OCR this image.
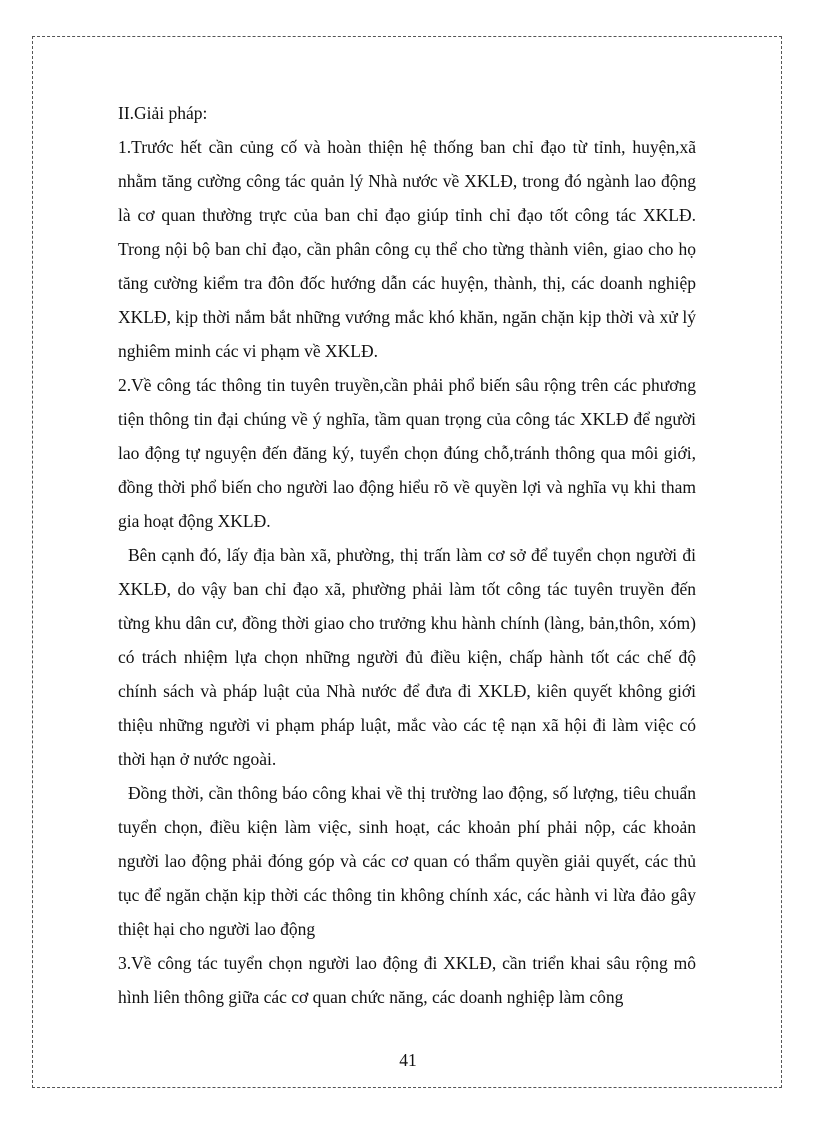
II.Giải pháp:

1.Trước hết cần củng cố và hoàn thiện hệ thống ban chỉ đạo từ tỉnh, huyện,xã nhằm tăng cường công tác quản lý Nhà nước về XKLĐ, trong đó ngành lao động là cơ quan thường trực của ban chỉ đạo giúp tỉnh chỉ đạo tốt công tác XKLĐ. Trong nội bộ ban chỉ đạo, cần phân công cụ thể cho từng thành viên, giao cho họ tăng cường kiểm tra đôn đốc hướng dẫn các huyện, thành, thị, các doanh nghiệp XKLĐ, kịp thời nắm bắt những vướng mắc khó khăn, ngăn chặn kịp thời và xử lý nghiêm minh các vi phạm về XKLĐ.

2.Về công tác thông tin tuyên truyền,cần phải phổ biến sâu rộng trên các phương tiện thông tin đại chúng về ý nghĩa, tầm quan trọng của công tác XKLĐ để người lao động tự nguyện đến đăng ký, tuyển chọn đúng chỗ,tránh thông qua môi giới, đồng thời phổ biến cho người lao động hiểu rõ về quyền lợi và nghĩa vụ khi tham gia hoạt động XKLĐ.

Bên cạnh đó, lấy địa bàn xã, phường, thị trấn làm cơ sở để tuyển chọn người đi XKLĐ, do vậy ban chỉ đạo xã, phường phải làm tốt công tác tuyên truyền đến từng khu dân cư, đồng thời giao cho trưởng khu hành chính (làng, bản,thôn, xóm) có trách nhiệm lựa chọn những người đủ điều kiện, chấp hành tốt các chế độ chính sách và pháp luật của Nhà nước để đưa đi XKLĐ, kiên quyết không giới thiệu những người vi phạm pháp luật, mắc vào các tệ nạn xã hội đi làm việc có thời hạn ở nước ngoài.

Đồng thời, cần thông báo công khai về thị trường lao động, số lượng, tiêu chuẩn tuyển chọn, điều kiện làm việc, sinh hoạt, các khoản phí phải nộp, các khoản người lao động phải đóng góp và các cơ quan có thẩm quyền giải quyết, các thủ tục để ngăn chặn kịp thời các thông tin không chính xác, các hành vi lừa đảo gây thiệt hại cho người lao động

3.Về công tác tuyển chọn người lao động đi XKLĐ, cần triển khai sâu rộng mô hình liên thông giữa các cơ quan chức năng, các doanh nghiệp làm công

41
